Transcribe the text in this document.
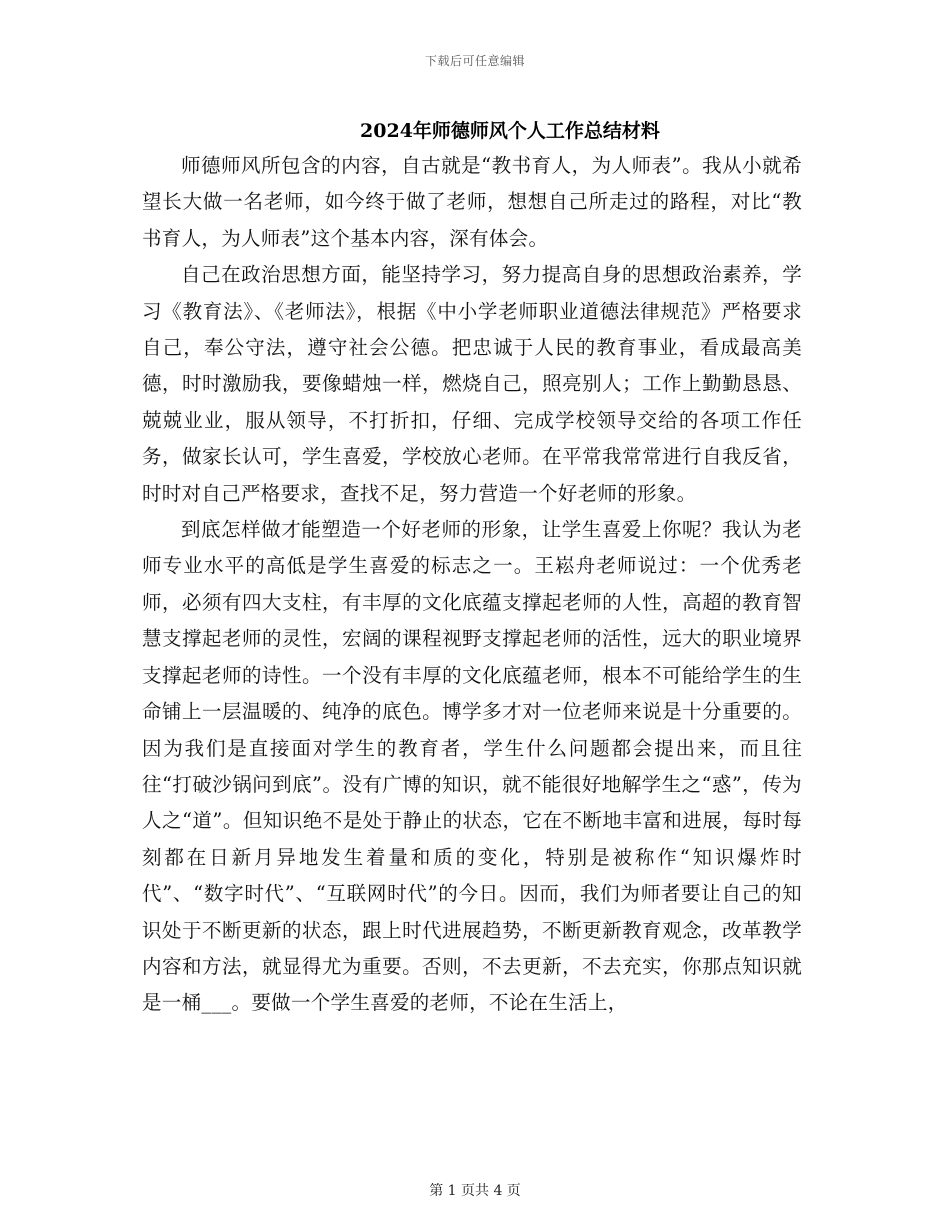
下载后可任意编辑
2024年师德师风个人工作总结材料

师德师风所包含的内容，自古就是“教书育人，为人师表”。我从小就希望长大做一名老师，如今终于做了老师，想想自己所走过的路程，对比“教书育人，为人师表”这个基本内容，深有体会。

自己在政治思想方面，能坚持学习，努力提高自身的思想政治素养，学习《教育法》、《老师法》，根据《中小学老师职业道德法律规范》严格要求自己，奉公守法，遵守社会公德。把忠诚于人民的教育事业，看成最高美德，时时激励我，要像蜡烛一样，燃烧自己，照亮别人；工作上勤勤恳恳、兢兢业业，服从领导，不打折扣，仔细、完成学校领导交给的各项工作任务，做家长认可，学生喜爱，学校放心老师。在平常我常常进行自我反省，时时对自己严格要求，查找不足，努力营造一个好老师的形象。

到底怎样做才能塑造一个好老师的形象，让学生喜爱上你呢？我认为老师专业水平的高低是学生喜爱的标志之一。王崧舟老师说过：一个优秀老师，必须有四大支柱，有丰厚的文化底蕴支撑起老师的人性，高超的教育智慧支撑起老师的灵性，宏阔的课程视野支撑起老师的活性，远大的职业境界支撑起老师的诗性。一个没有丰厚的文化底蕴老师，根本不可能给学生的生命铺上一层温暖的、纯净的底色。博学多才对一位老师来说是十分重要的。因为我们是直接面对学生的教育者，学生什么问题都会提出来，而且往往“打破沙锅问到底”。没有广博的知识，就不能很好地解学生之“惑”，传为人之“道”。但知识绝不是处于静止的状态，它在不断地丰富和进展，每时每刻都在日新月异地发生着量和质的变化，特别是被称作“知识爆炸时代”、“数字时代”、“互联网时代”的今日。因而，我们为师者要让自己的知识处于不断更新的状态，跟上时代进展趋势，不断更新教育观念，改革教学内容和方法，就显得尤为重要。否则，不去更新，不去充实，你那点知识就是一桶___。要做一个学生喜爱的老师，不论在生活上，

第 1 页共 4 页
